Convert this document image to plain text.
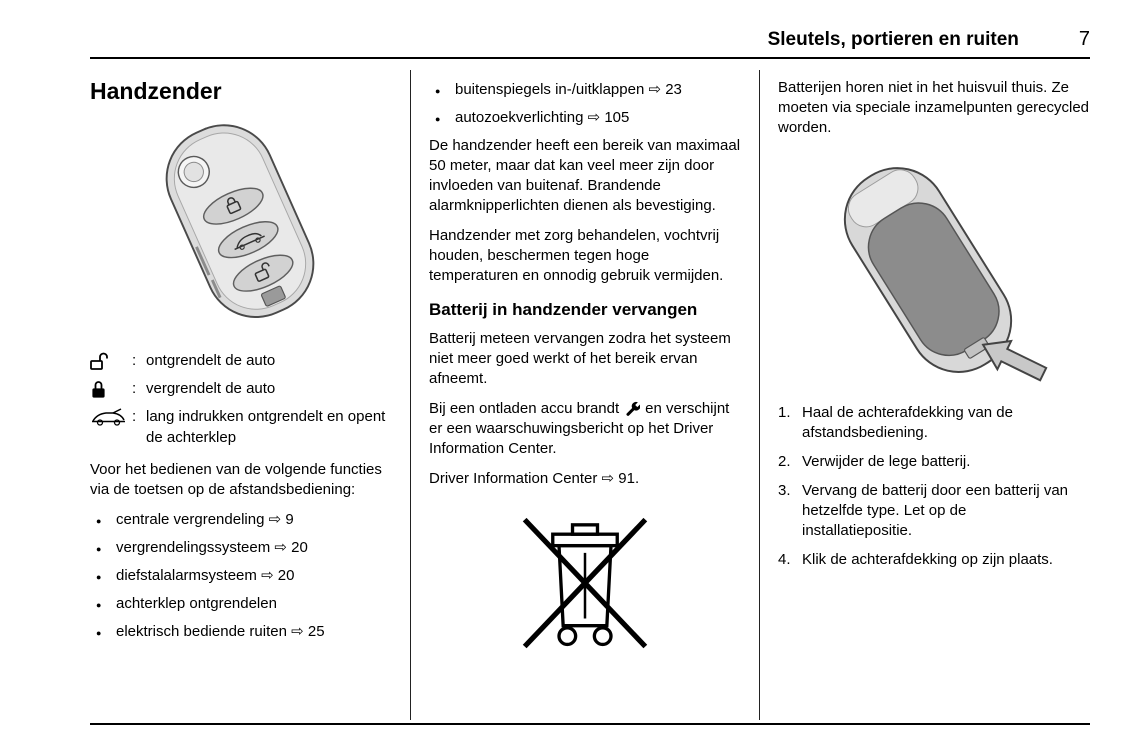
Sleutels, portieren en ruiten	7
Handzender
: ontgrendelt de auto
: vergrendelt de auto
: lang indrukken ontgrendelt en opent de achterklep

Voor het bedienen van de volgende functies via de toetsen op de afstandsbediening:

● centrale vergrendeling ⇨ 9
● vergrendelingssysteem ⇨ 20
● diefstalalarmsysteem ⇨ 20
● achterklep ontgrendelen
● elektrisch bediende ruiten ⇨ 25
● buitenspiegels in-/uitklappen ⇨ 23
● autozoekverlichting ⇨ 105

De handzender heeft een bereik van maximaal 50 meter, maar dat kan veel meer zijn door invloeden van buitenaf. Brandende alarmknipperlichten dienen als bevestiging.

Handzender met zorg behandelen, vochtvrij houden, beschermen tegen hoge temperaturen en onnodig gebruik vermijden.

Batterij in handzender vervangen

Batterij meteen vervangen zodra het systeem niet meer goed werkt of het bereik ervan afneemt.

Bij een ontladen accu brandt en verschijnt er een waarschuwingsbericht op het Driver Information Center.

Driver Information Center ⇨ 91.

Batterijen horen niet in het huisvuil thuis. Ze moeten via speciale inzamelpunten gerecycled worden.

1. Haal de achterafdekking van de afstandsbediening.
2. Verwijder de lege batterij.
3. Vervang de batterij door een batterij van hetzelfde type. Let op de installatiepositie.
4. Klik de achterafdekking op zijn plaats.
